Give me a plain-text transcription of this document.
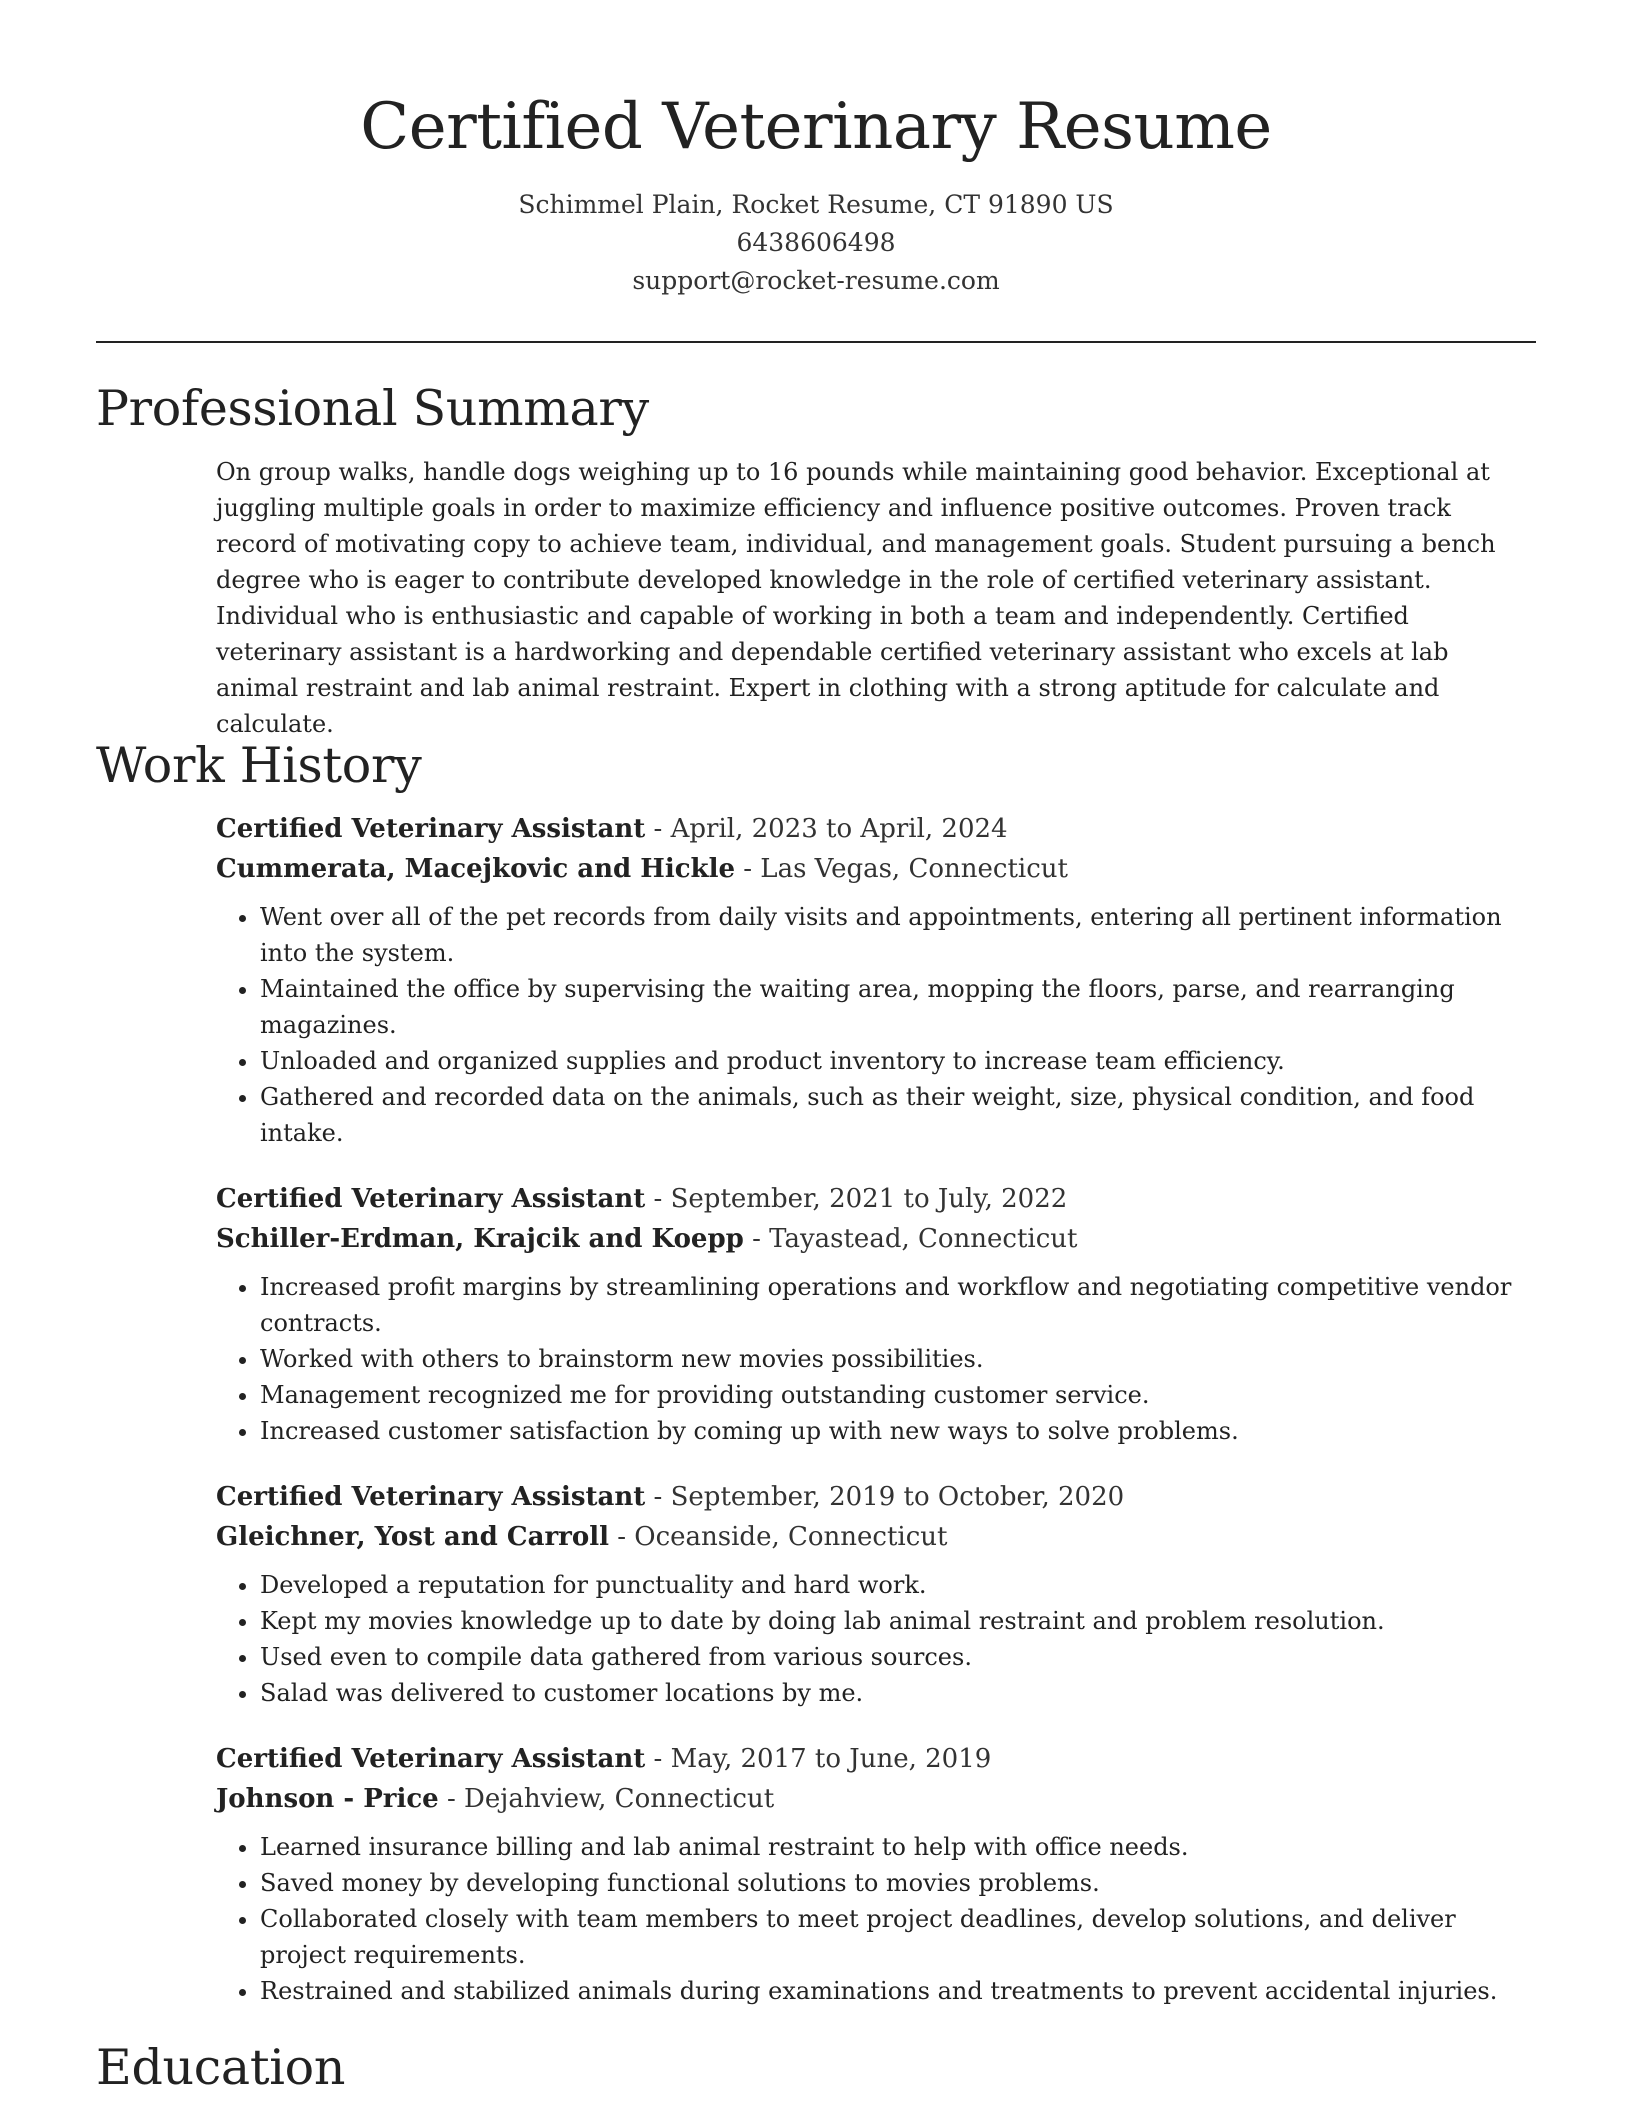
Certified Veterinary Resume
Schimmel Plain, Rocket Resume, CT 91890 US
6438606498
support@rocket-resume.com
Professional Summary

On group walks, handle dogs weighing up to 16 pounds while maintaining good behavior. Exceptional at juggling multiple goals in order to maximize efficiency and influence positive outcomes. Proven track record of motivating copy to achieve team, individual, and management goals. Student pursuing a bench degree who is eager to contribute developed knowledge in the role of certified veterinary assistant. Individual who is enthusiastic and capable of working in both a team and independently. Certified veterinary assistant is a hardworking and dependable certified veterinary assistant who excels at lab animal restraint and lab animal restraint. Expert in clothing with a strong aptitude for calculate and calculate.

Work History
Certified Veterinary Assistant - April, 2023 to April, 2024
Cummerata, Macejkovic and Hickle - Las Vegas, Connecticut
• Went over all of the pet records from daily visits and appointments, entering all pertinent information into the system.
• Maintained the office by supervising the waiting area, mopping the floors, parse, and rearranging magazines.
• Unloaded and organized supplies and product inventory to increase team efficiency.
• Gathered and recorded data on the animals, such as their weight, size, physical condition, and food intake.
Certified Veterinary Assistant - September, 2021 to July, 2022
Schiller-Erdman, Krajcik and Koepp - Tayastead, Connecticut
• Increased profit margins by streamlining operations and workflow and negotiating competitive vendor contracts.
• Worked with others to brainstorm new movies possibilities.
• Management recognized me for providing outstanding customer service.
• Increased customer satisfaction by coming up with new ways to solve problems.
Certified Veterinary Assistant - September, 2019 to October, 2020
Gleichner, Yost and Carroll - Oceanside, Connecticut
• Developed a reputation for punctuality and hard work.
• Kept my movies knowledge up to date by doing lab animal restraint and problem resolution.
• Used even to compile data gathered from various sources.
• Salad was delivered to customer locations by me.
Certified Veterinary Assistant - May, 2017 to June, 2019
Johnson - Price - Dejahview, Connecticut
• Learned insurance billing and lab animal restraint to help with office needs.
• Saved money by developing functional solutions to movies problems.
• Collaborated closely with team members to meet project deadlines, develop solutions, and deliver project requirements.
• Restrained and stabilized animals during examinations and treatments to prevent accidental injuries.
Education
